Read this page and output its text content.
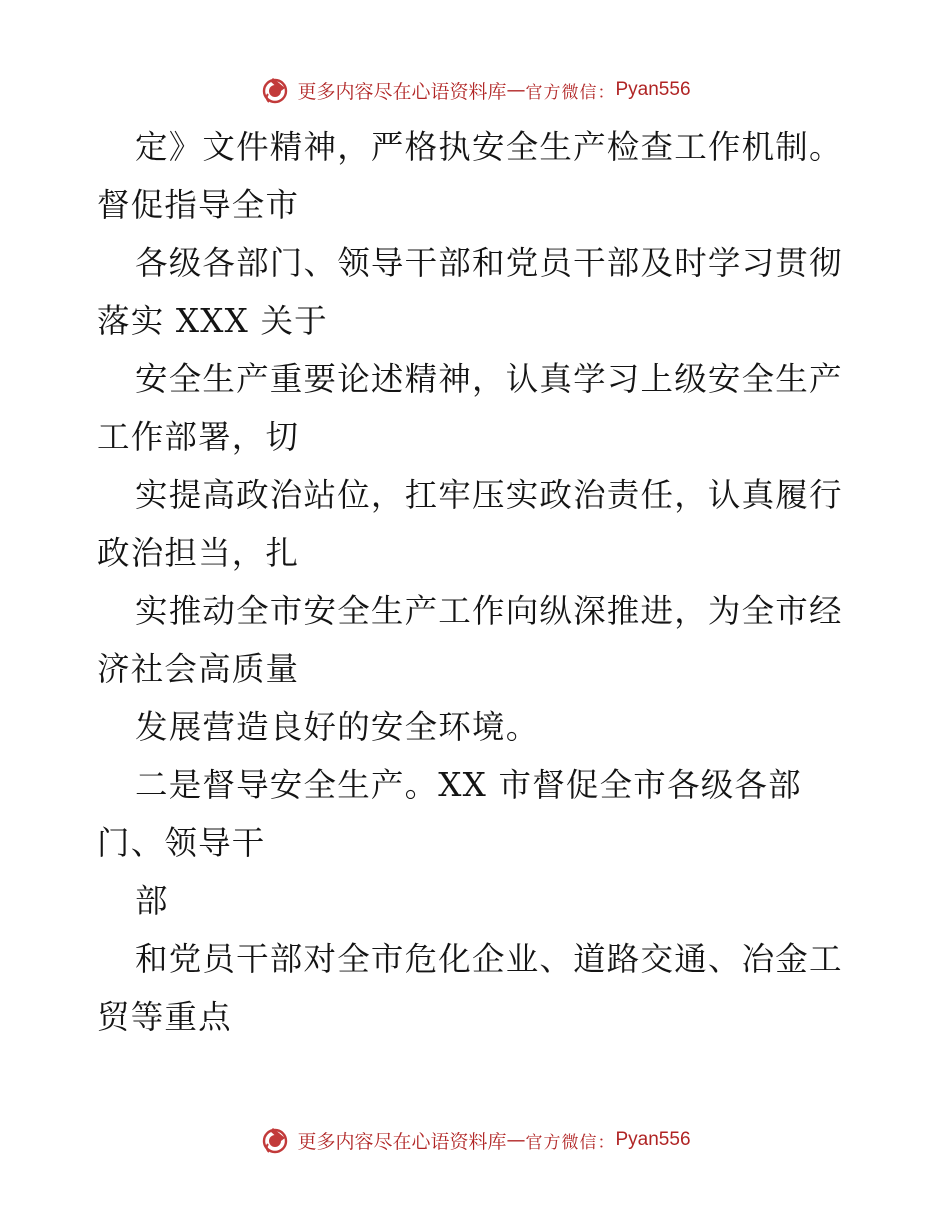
更多内容尽在心语资料库 — 官方微信： Pyan556
定》文件精神，严格执安全生产检查工作机制。
督促指导全市
各级各部门、领导干部和党员干部及时学习贯彻
落实 XXX 关于
安全生产重要论述精神，认真学习上级安全生产
工作部署，切
实提高政治站位，扛牢压实政治责任，认真履行
政治担当，扎
实推动全市安全生产工作向纵深推进，为全市经
济社会高质量
发展营造良好的安全环境。
二是督导安全生产。XX 市督促全市各级各部
门、领导干
部
和党员干部对全市危化企业、道路交通、冶金工
贸等重点
更多内容尽在心语资料库 — 官方微信： Pyan556
